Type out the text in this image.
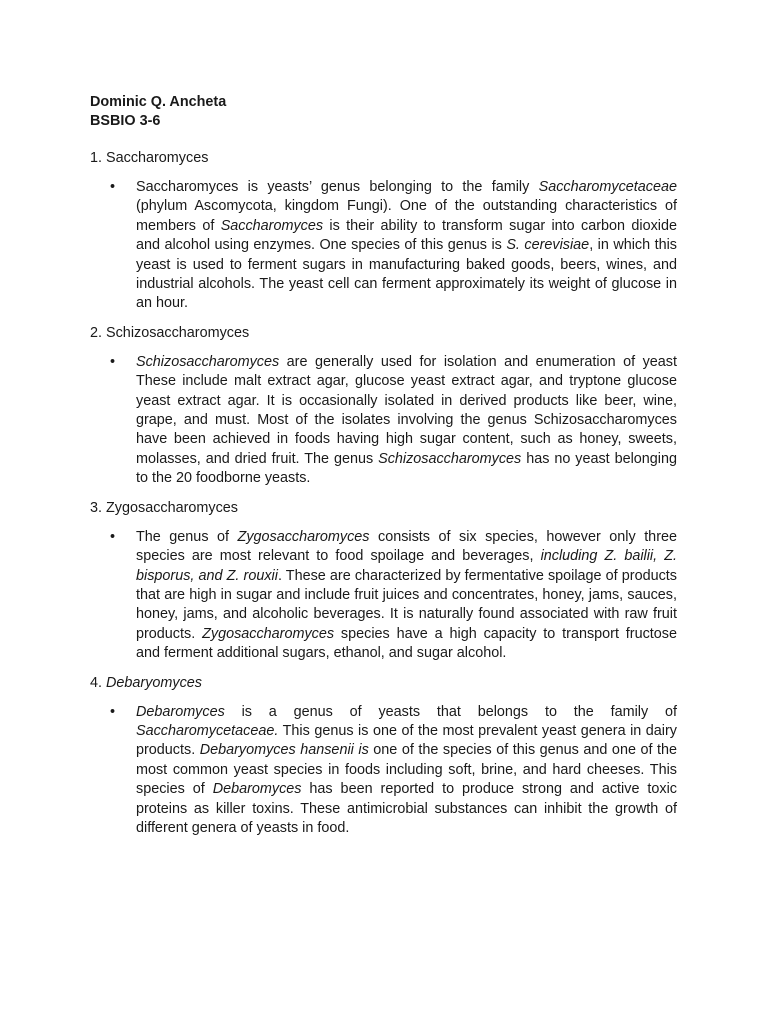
Dominic Q. Ancheta
BSBIO 3-6

1. Saccharomyces

• Saccharomyces is yeasts’ genus belonging to the family Saccharomycetaceae (phylum Ascomycota, kingdom Fungi). One of the outstanding characteristics of members of Saccharomyces is their ability to transform sugar into carbon dioxide and alcohol using enzymes. One species of this genus is S. cerevisiae, in which this yeast is used to ferment sugars in manufacturing baked goods, beers, wines, and industrial alcohols. The yeast cell can ferment approximately its weight of glucose in an hour.

2. Schizosaccharomyces

• Schizosaccharomyces are generally used for isolation and enumeration of yeast These include malt extract agar, glucose yeast extract agar, and tryptone glucose yeast extract agar. It is occasionally isolated in derived products like beer, wine, grape, and must. Most of the isolates involving the genus Schizosaccharomyces have been achieved in foods having high sugar content, such as honey, sweets, molasses, and dried fruit. The genus Schizosaccharomyces has no yeast belonging to the 20 foodborne yeasts.

3. Zygosaccharomyces

• The genus of Zygosaccharomyces consists of six species, however only three species are most relevant to food spoilage and beverages, including Z. bailii, Z. bisporus, and Z. rouxii. These are characterized by fermentative spoilage of products that are high in sugar and include fruit juices and concentrates, honey, jams, sauces, honey, jams, and alcoholic beverages. It is naturally found associated with raw fruit products. Zygosaccharomyces species have a high capacity to transport fructose and ferment additional sugars, ethanol, and sugar alcohol.

4. Debaryomyces

• Debaromyces is a genus of yeasts that belongs to the family of Saccharomycetaceae. This genus is one of the most prevalent yeast genera in dairy products. Debaryomyces hansenii is one of the species of this genus and one of the most common yeast species in foods including soft, brine, and hard cheeses. This species of Debaromyces has been reported to produce strong and active toxic proteins as killer toxins. These antimicrobial substances can inhibit the growth of different genera of yeasts in food.
